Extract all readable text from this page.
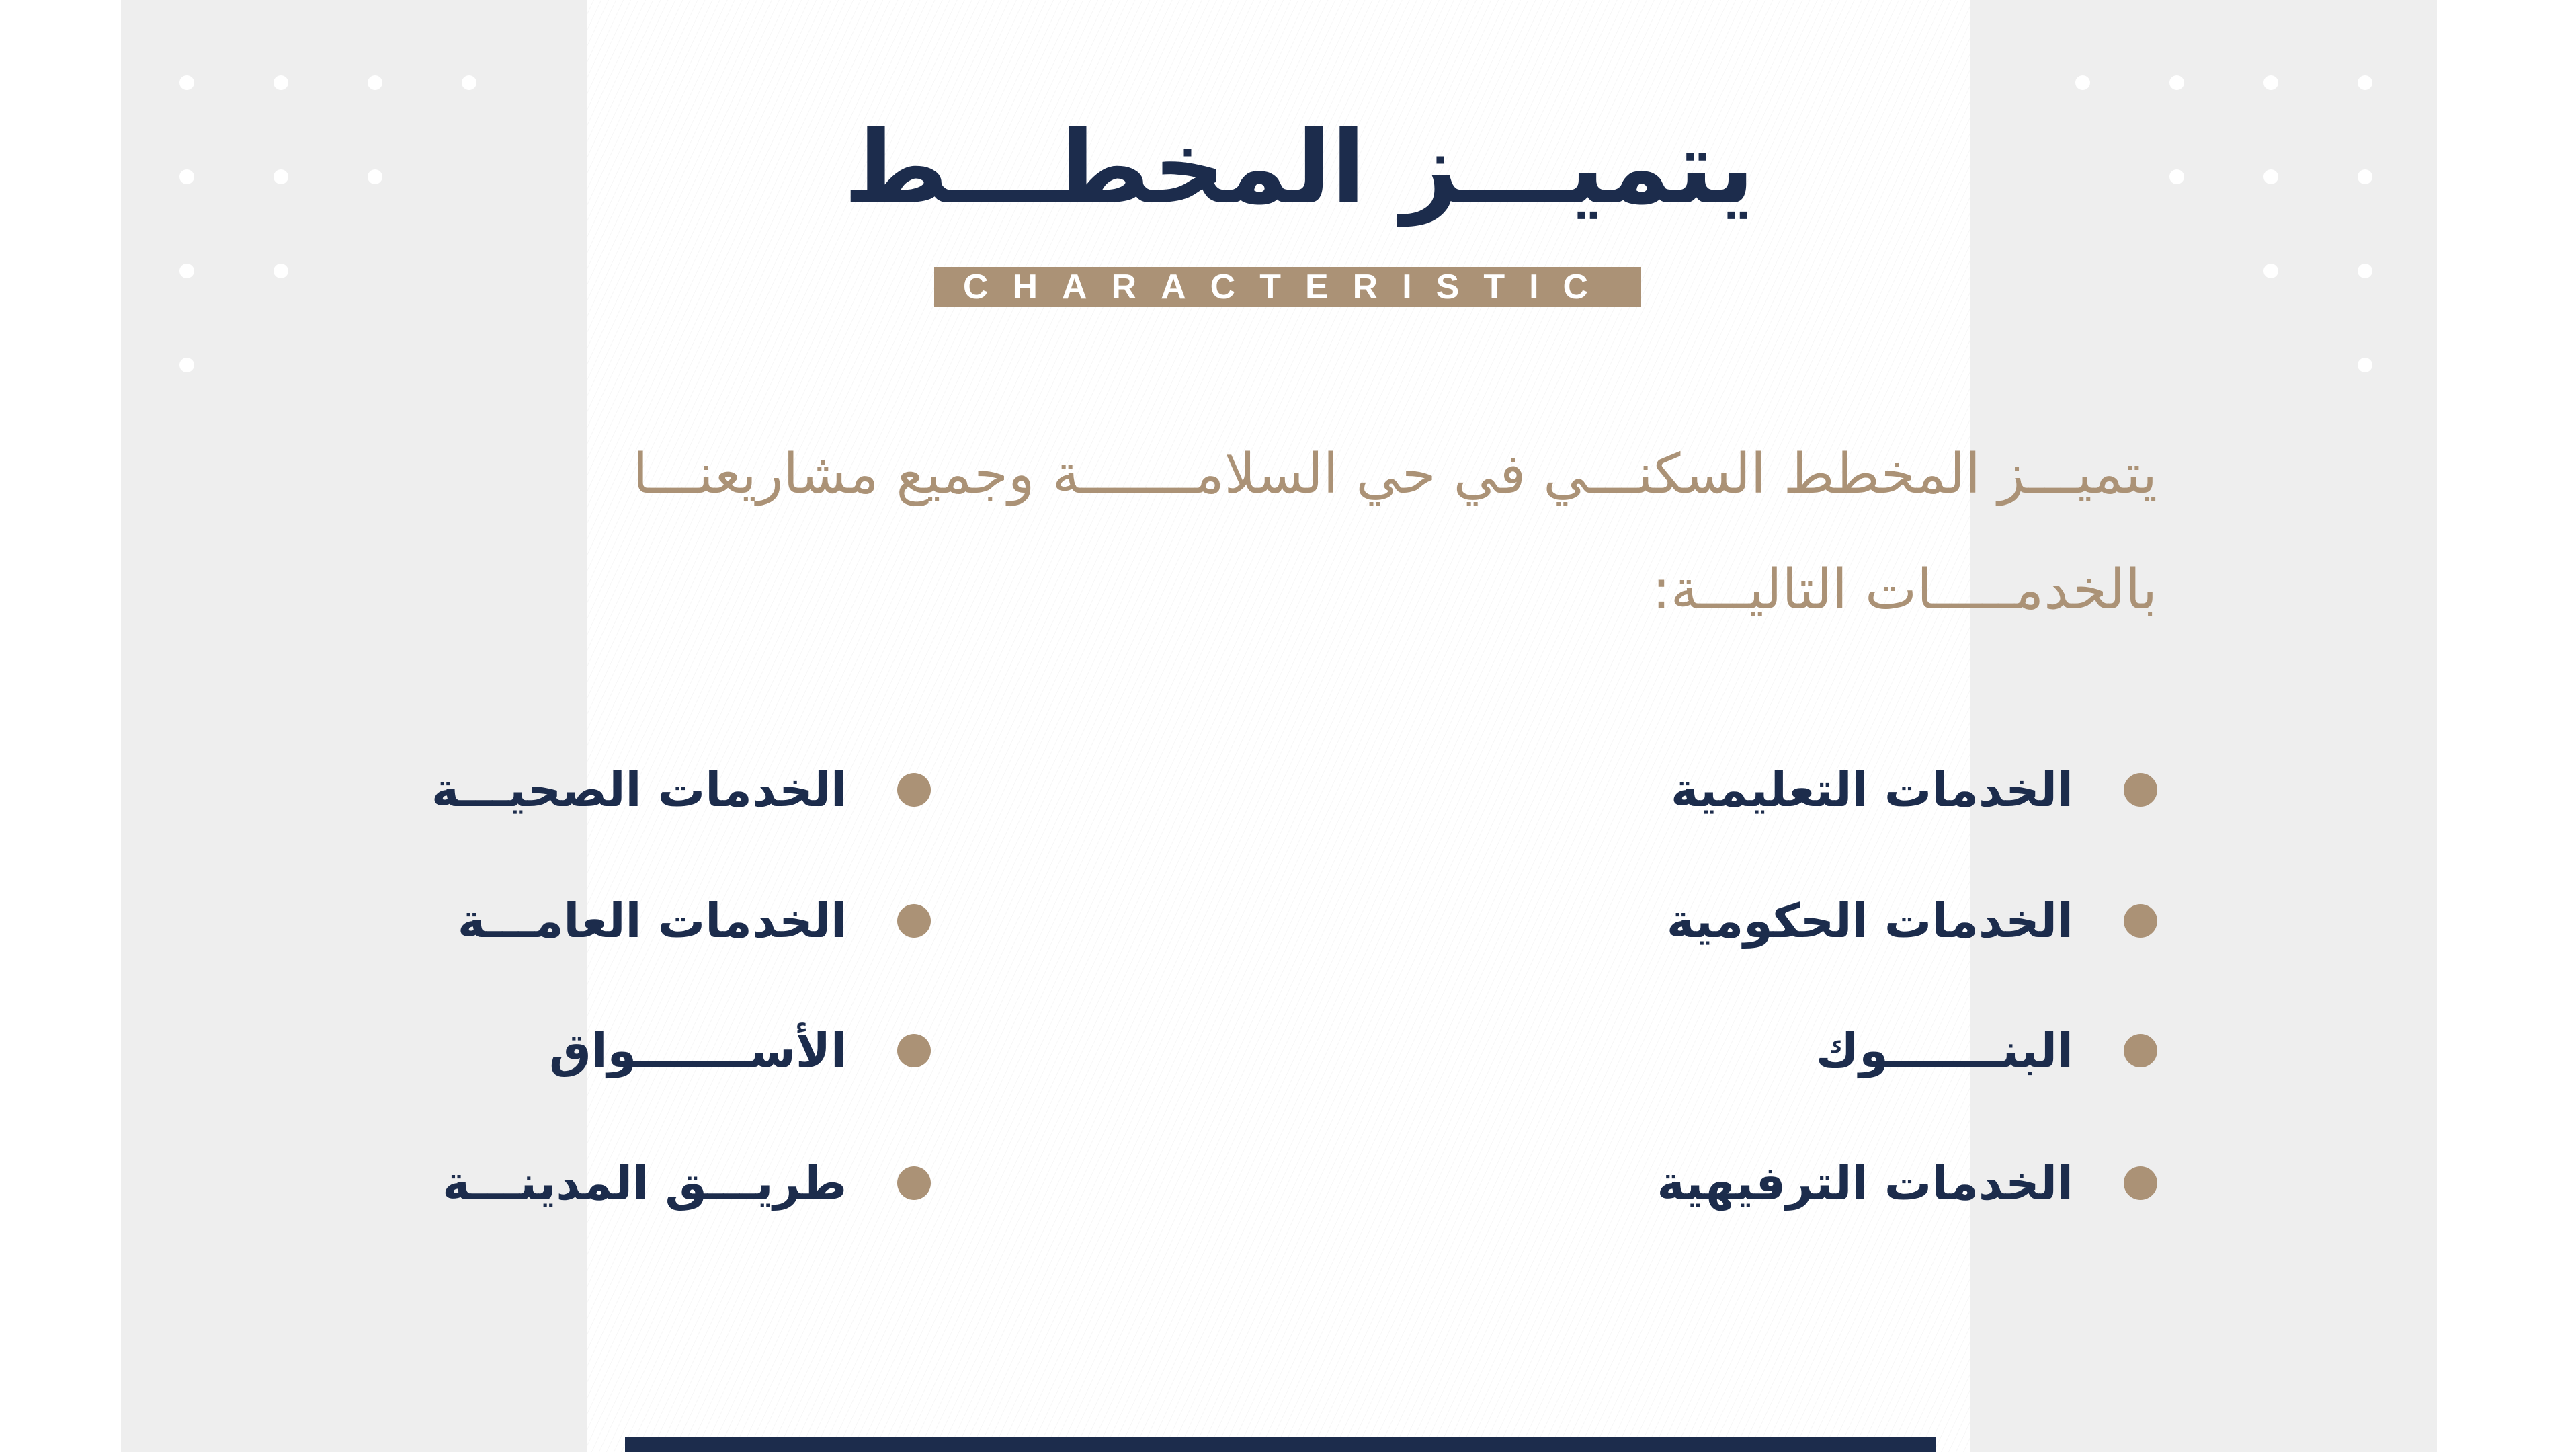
يتميـــز المخطـــط
CHARACTERISTIC

يتميـــز المخطط السكنـــي في حي السلامـــــــة وجميع مشاريعنـــا بالخدمـــــات التاليـــة:

الخدمات التعليمية
الخدمات الحكومية
البنـــــــوك
الخدمات الترفيهية
الخدمات الصحيـــة
الخدمات العامـــة
الأســـــــواق
طريـــق المدينـــة
